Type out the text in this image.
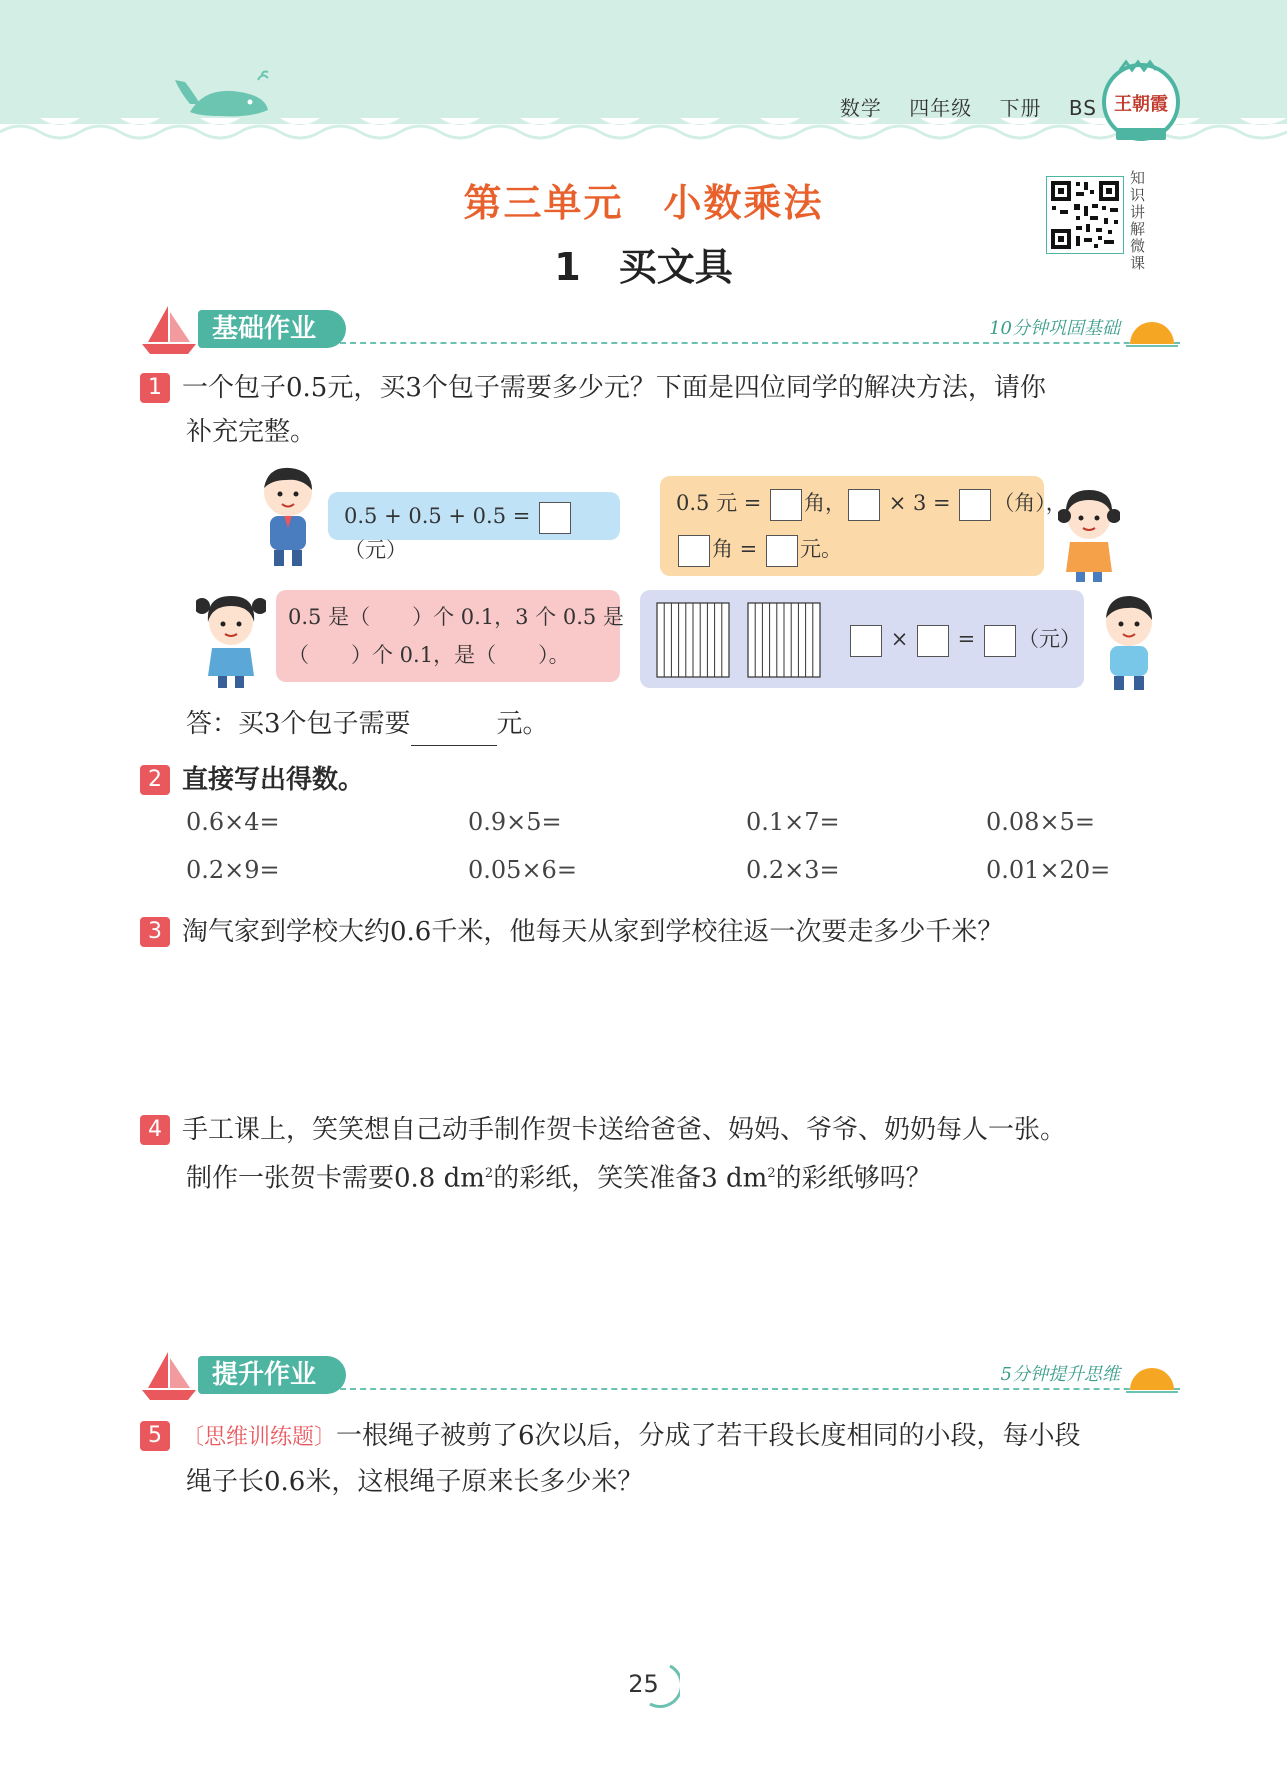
数学 四年级 下册 BS 王朝霞
第三单元　小数乘法
1　买文具
知识讲解微课
基础作业	10分钟巩固基础
1 一个包子0.5元，买3个包子需要多少元？下面是四位同学的解决方法，请你
补充完整。
0.5 + 0.5 + 0.5 = （元）
0.5 元 = 角， × 3 = （角），
角 = 元。
0.5 是（　　）个 0.1，3 个 0.5 是
（　　）个 0.1，是（　　）。
× = （元）
答：买3个包子需要	元。
2 直接写出得数。
0.6×4=	0.9×5=	0.1×7=	0.08×5=
0.2×9=	0.05×6=	0.2×3=	0.01×20=
3 淘气家到学校大约0.6千米，他每天从家到学校往返一次要走多少千米？
4 手工课上，笑笑想自己动手制作贺卡送给爸爸、妈妈、爷爷、奶奶每人一张。
制作一张贺卡需要0.8 $dm^2$的彩纸，笑笑准备3 $dm^2$的彩纸够吗？
提升作业	5分钟提升思维
5 〔思维训练题〕一根绳子被剪了6次以后，分成了若干段长度相同的小段，每小段
绳子长0.6米，这根绳子原来长多少米？
25
